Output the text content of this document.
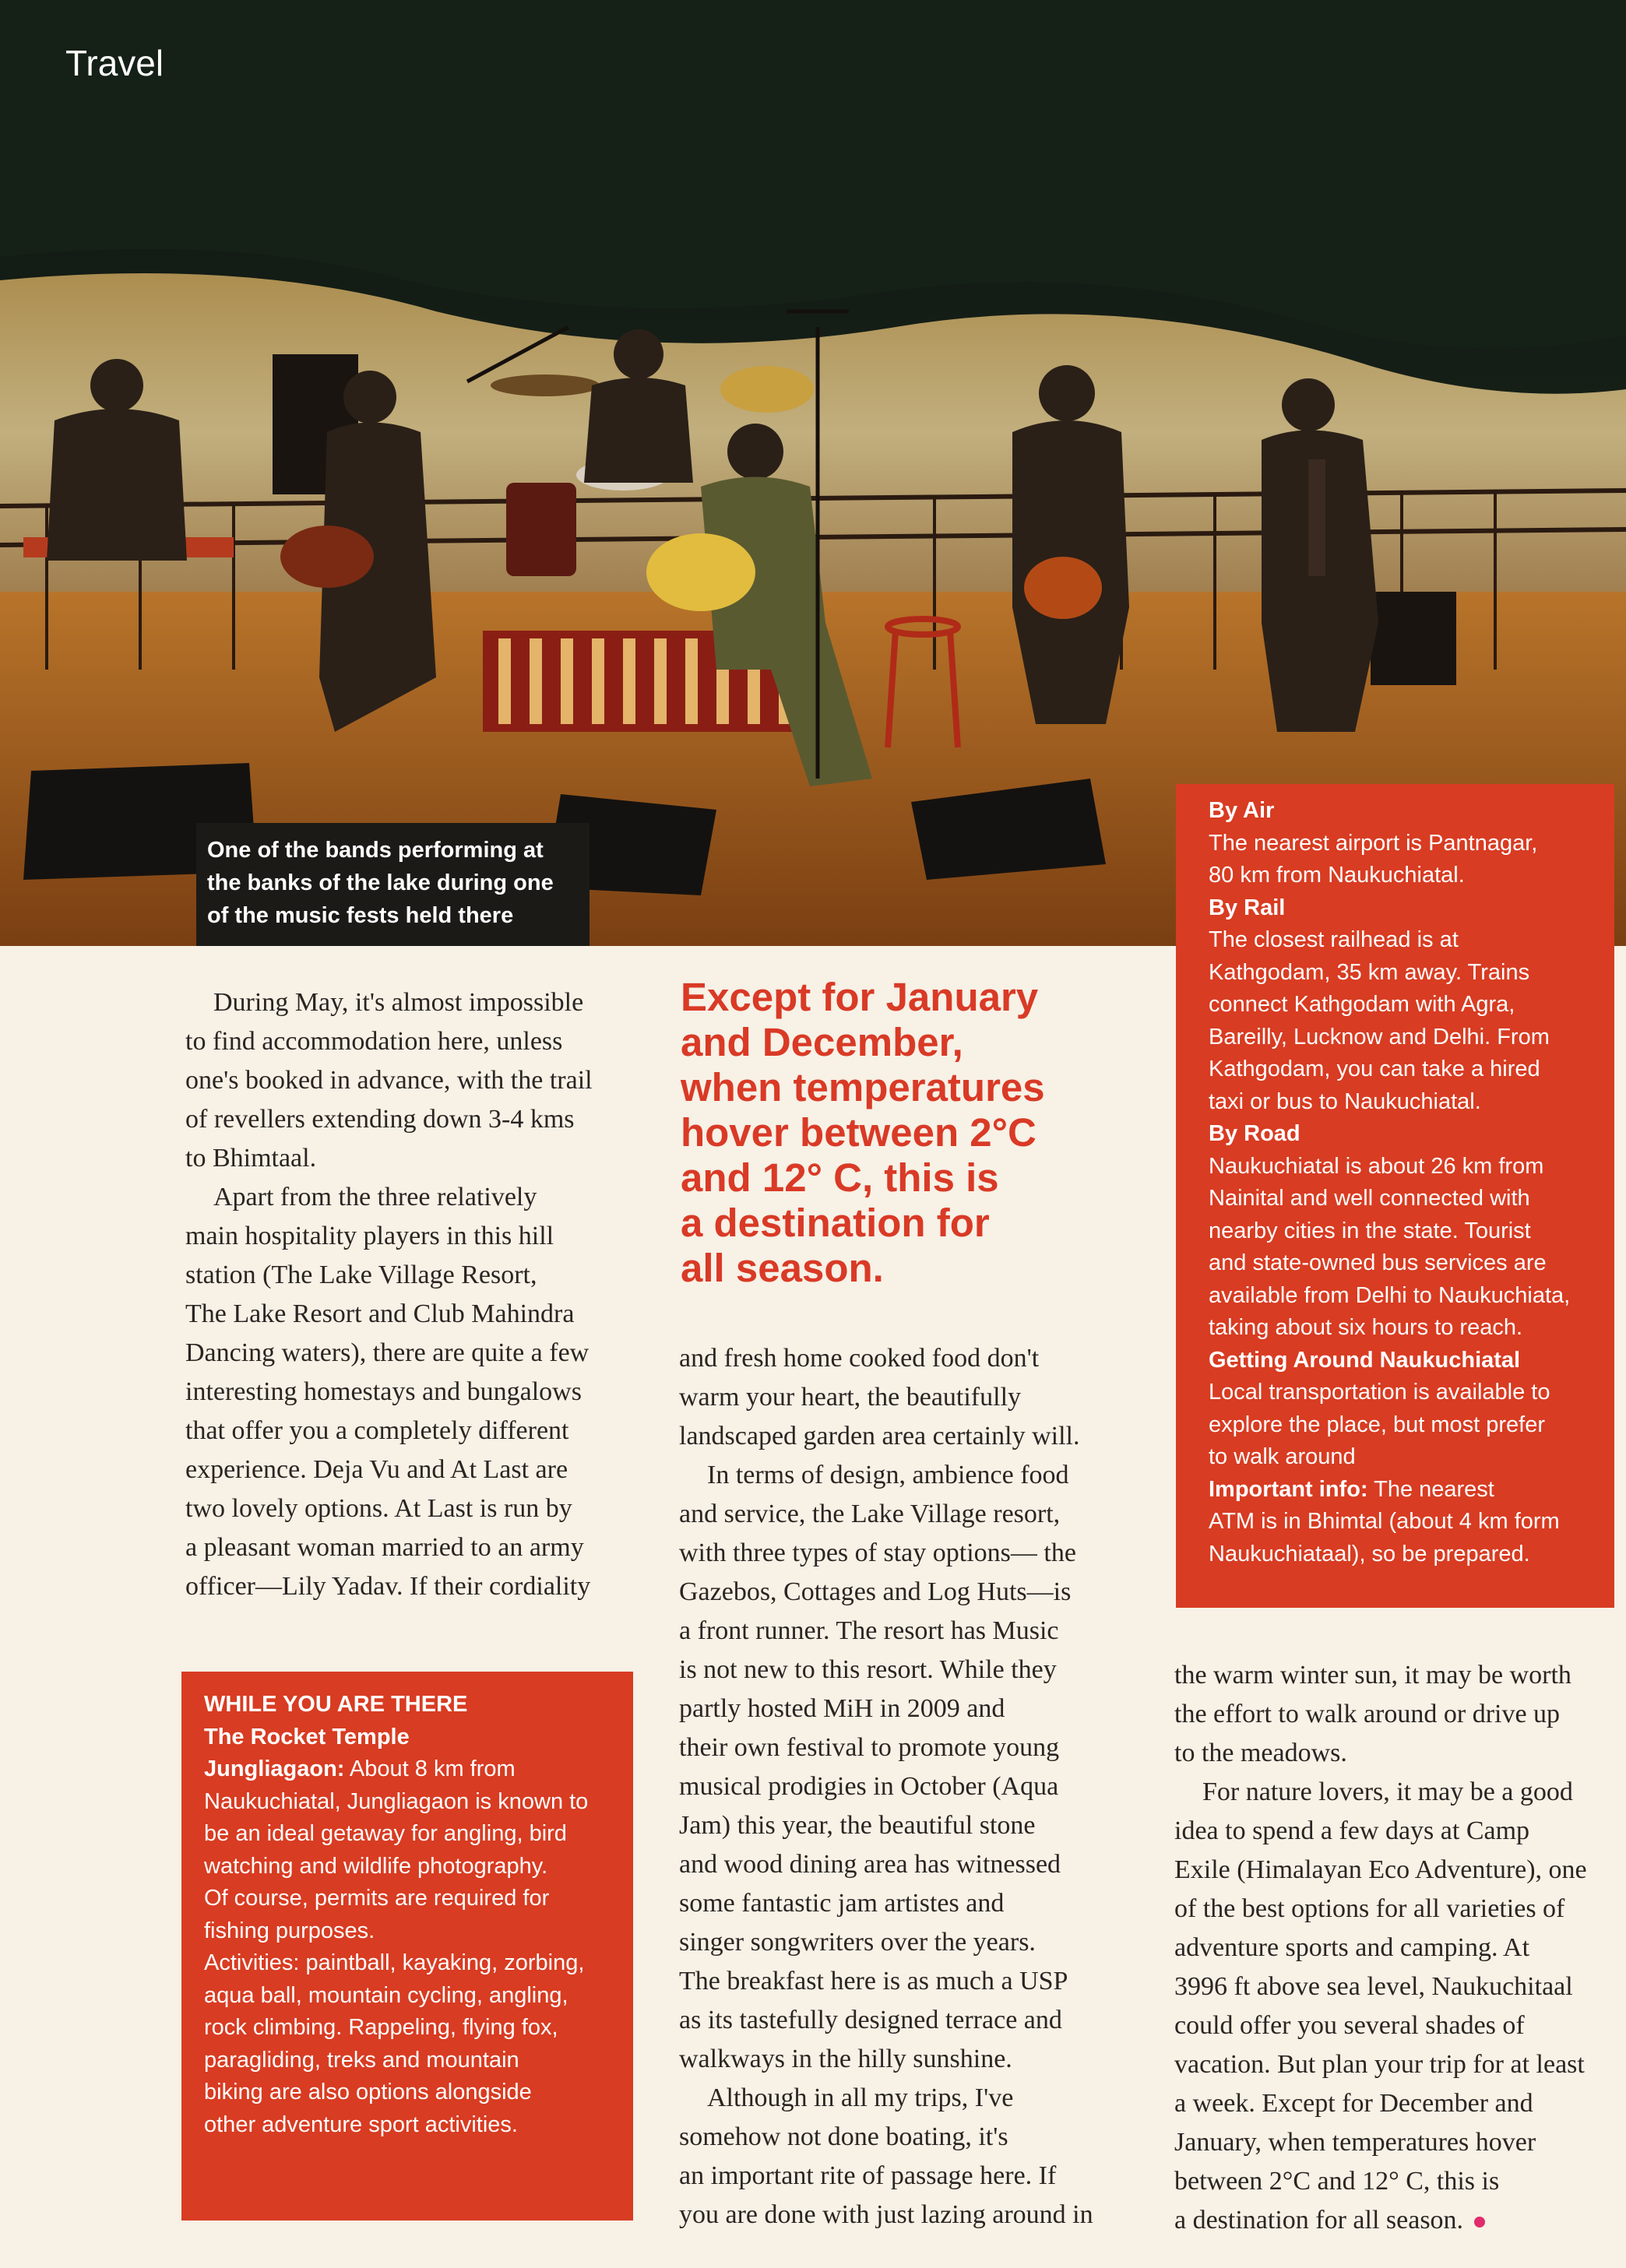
Travel
One of the bands performing at
the banks of the lake during one
of the music fests held there
By Air
The nearest airport is Pantnagar,
80 km from Naukuchiatal.
By Rail
The closest railhead is at
Kathgodam, 35 km away. Trains
connect Kathgodam with Agra,
Bareilly, Lucknow and Delhi. From
Kathgodam, you can take a hired
taxi or bus to Naukuchiatal.
By Road
Naukuchiatal is about 26 km from
Nainital and well connected with
nearby cities in the state. Tourist
and state-owned bus services are
available from Delhi to Naukuchiata,
taking about six hours to reach.
Getting Around Naukuchiatal
Local transportation is available to
explore the place, but most prefer
to walk around
Important info: The nearest
ATM is in Bhimtal (about 4 km form
Naukuchiataal), so be prepared.
During May, it's almost impossible
to find accommodation here, unless
one's booked in advance, with the trail
of revellers extending down 3-4 kms
to Bhimtaal.
Apart from the three relatively
main hospitality players in this hill
station (The Lake Village Resort,
The Lake Resort and Club Mahindra
Dancing waters), there are quite a few
interesting homestays and bungalows
that offer you a completely different
experience. Deja Vu and At Last are
two lovely options. At Last is run by
a pleasant woman married to an army
officer—Lily Yadav. If their cordiality
Except for January
and December,
when temperatures
hover between 2°C
and 12° C, this is
a destination for
all season.
and fresh home cooked food don't
warm your heart, the beautifully
landscaped garden area certainly will.
In terms of design, ambience food
and service, the Lake Village resort,
with three types of stay options— the
Gazebos, Cottages and Log Huts—is
a front runner. The resort has Music
is not new to this resort. While they
partly hosted MiH in 2009 and
their own festival to promote young
musical prodigies in October (Aqua
Jam) this year, the beautiful stone
and wood dining area has witnessed
some fantastic jam artistes and
singer songwriters over the years.
The breakfast here is as much a USP
as its tastefully designed terrace and
walkways in the hilly sunshine.
Although in all my trips, I've
somehow not done boating, it's
an important rite of passage here. If
you are done with just lazing around in
the warm winter sun, it may be worth
the effort to walk around or drive up
to the meadows.
For nature lovers, it may be a good
idea to spend a few days at Camp
Exile (Himalayan Eco Adventure), one
of the best options for all varieties of
adventure sports and camping. At
3996 ft above sea level, Naukuchitaal
could offer you several shades of
vacation. But plan your trip for at least
a week. Except for December and
January, when temperatures hover
between 2°C and 12° C, this is
a destination for all season.
WHILE YOU ARE THERE
The Rocket Temple
Jungliagaon: About 8 km from
Naukuchiatal, Jungliagaon is known to
be an ideal getaway for angling, bird
watching and wildlife photography.
Of course, permits are required for
fishing purposes.
Activities: paintball, kayaking, zorbing,
aqua ball, mountain cycling, angling,
rock climbing. Rappeling, flying fox,
paragliding, treks and mountain
biking are also options alongside
other adventure sport activities.
